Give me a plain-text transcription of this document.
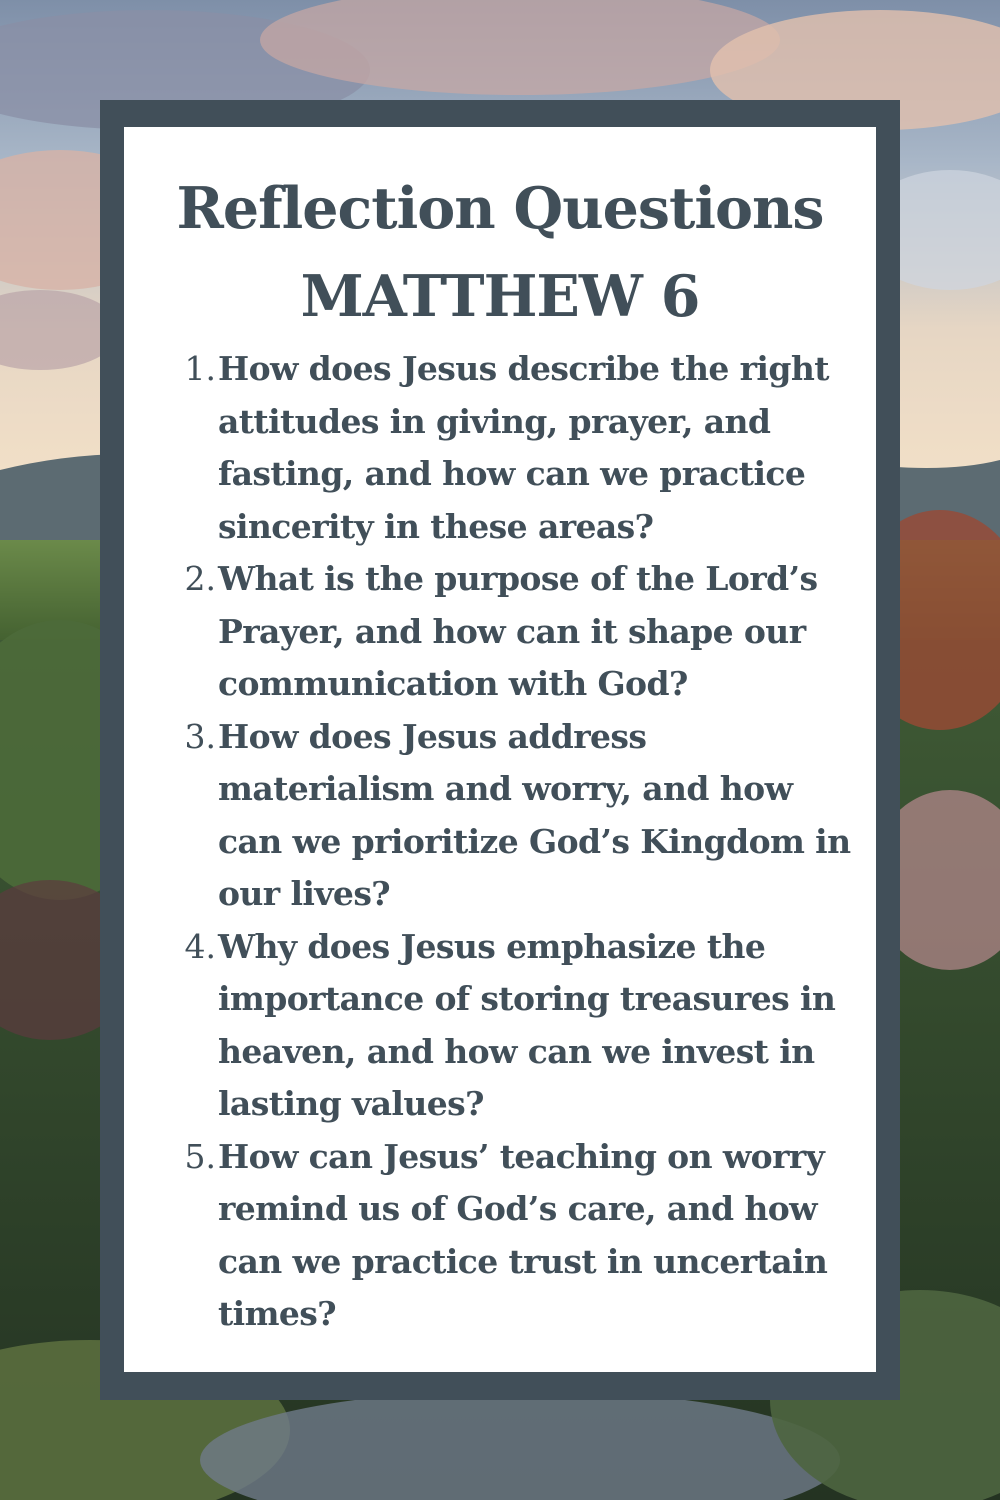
Reflection Questions
MATTHEW 6
1. How does Jesus describe the right attitudes in giving, prayer, and fasting, and how can we practice sincerity in these areas?
2. What is the purpose of the Lord’s Prayer, and how can it shape our communication with God?
3. How does Jesus address materialism and worry, and how can we prioritize God’s Kingdom in our lives?
4. Why does Jesus emphasize the importance of storing treasures in heaven, and how can we invest in lasting values?
5. How can Jesus’ teaching on worry remind us of God’s care, and how can we practice trust in uncertain times?
